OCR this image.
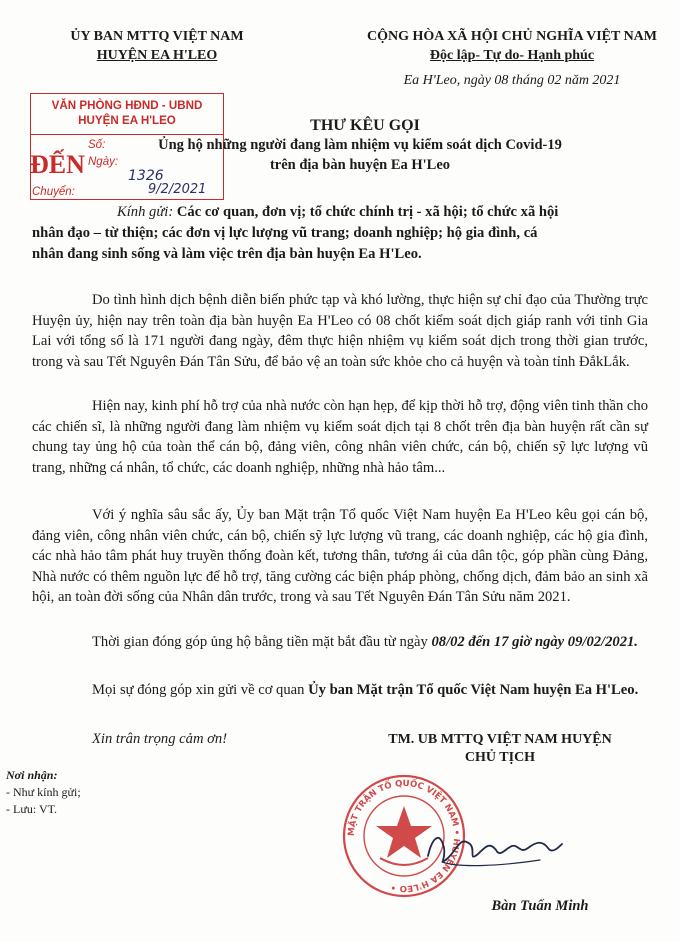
ỦY BAN MTTQ VIỆT NAM
HUYỆN EA H'LEO
CỘNG HÒA XÃ HỘI CHỦ NGHĨA VIỆT NAM
Độc lập- Tự do- Hạnh phúc
Ea H'Leo, ngày 08 tháng 02 năm 2021
VĂN PHÒNG HĐND - UBND
HUYỆN EA H'LEO
ĐẾN
Số:
Ngày:
Chuyển:
1326
9/2/2021
THƯ KÊU GỌI
Ủng hộ những người đang làm nhiệm vụ kiểm soát dịch Covid-19
trên địa bàn huyện Ea H'Leo
Kính gửi: Các cơ quan, đơn vị; tổ chức chính trị - xã hội; tổ chức xã hội
nhân đạo – từ thiện; các đơn vị lực lượng vũ trang; doanh nghiệp; hộ gia đình, cá
nhân đang sinh sống và làm việc trên địa bàn huyện Ea H'Leo.

Do tình hình dịch bệnh diễn biến phức tạp và khó lường, thực hiện sự chỉ đạo của Thường trực Huyện ủy, hiện nay trên toàn địa bàn huyện Ea H'Leo có 08 chốt kiểm soát dịch giáp ranh với tỉnh Gia Lai với tổng số là 171 người đang ngày, đêm thực hiện nhiệm vụ kiểm soát dịch trong thời gian trước, trong và sau Tết Nguyên Đán Tân Sửu, để bảo vệ an toàn sức khỏe cho cả huyện và toàn tỉnh ĐắkLắk.

Hiện nay, kinh phí hỗ trợ của nhà nước còn hạn hẹp, để kịp thời hỗ trợ, động viên tinh thần cho các chiến sĩ, là những người đang làm nhiệm vụ kiểm soát dịch tại 8 chốt trên địa bàn huyện rất cần sự chung tay ủng hộ của toàn thể cán bộ, đảng viên, công nhân viên chức, cán bộ, chiến sỹ lực lượng vũ trang, những cá nhân, tổ chức, các doanh nghiệp, những nhà hảo tâm...

Với ý nghĩa sâu sắc ấy, Ủy ban Mặt trận Tổ quốc Việt Nam huyện Ea H'Leo kêu gọi cán bộ, đảng viên, công nhân viên chức, cán bộ, chiến sỹ lực lượng vũ trang, các doanh nghiệp, các hộ gia đình, các nhà hảo tâm phát huy truyền thống đoàn kết, tương thân, tương ái của dân tộc, góp phần cùng Đảng, Nhà nước có thêm nguồn lực để hỗ trợ, tăng cường các biện pháp phòng, chống dịch, đảm bảo an sinh xã hội, an toàn đời sống của Nhân dân trước, trong và sau Tết Nguyên Đán Tân Sửu năm 2021.

Thời gian đóng góp ủng hộ bằng tiền mặt bắt đầu từ ngày 08/02 đến 17 giờ ngày 09/02/2021.

Mọi sự đóng góp xin gửi về cơ quan Ủy ban Mặt trận Tổ quốc Việt Nam huyện Ea H'Leo.

Xin trân trọng cảm ơn!
Nơi nhận:
- Như kính gửi;
- Lưu: VT.
TM. UB MTTQ VIỆT NAM HUYỆN
CHỦ TỊCH
MẶT TRẬN TỔ QUỐC VIỆT NAM • HUYỆN EA H'LEO •
Bàn Tuấn Minh
